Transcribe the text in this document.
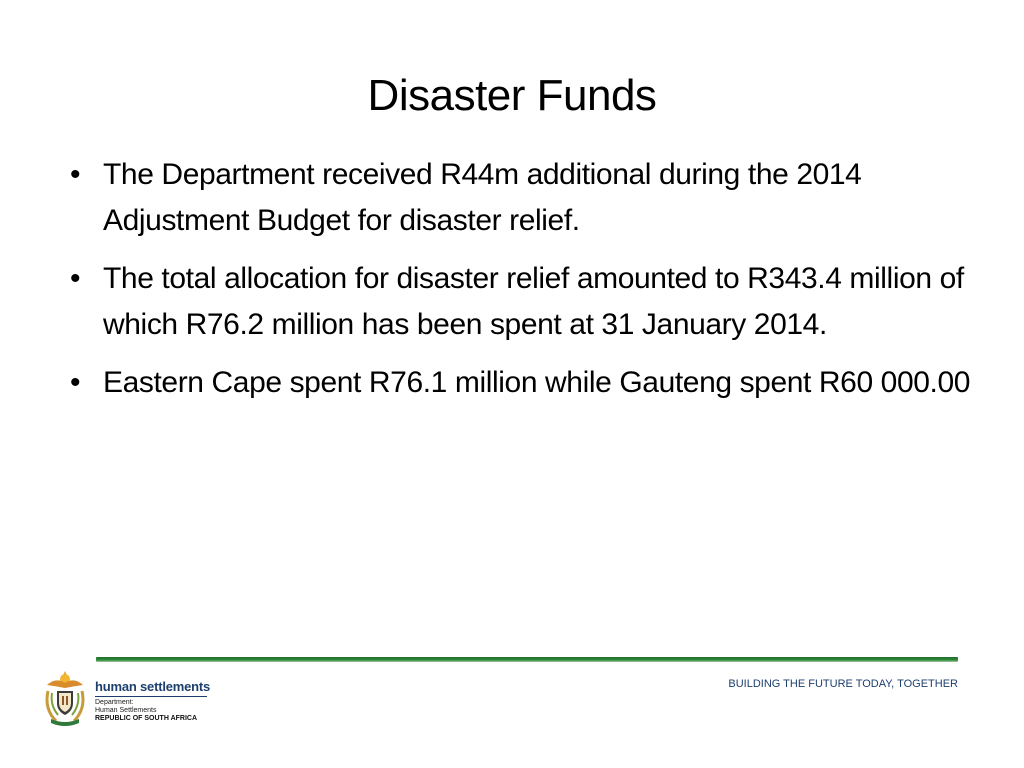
Disaster Funds
• The Department received R44m additional during the 2014 Adjustment Budget for disaster relief.
• The total allocation for disaster relief amounted to R343.4 million of which R76.2 million has been spent at 31 January 2014.
• Eastern Cape spent R76.1 million while Gauteng spent R60 000.00
human settlements
Department:
Human Settlements
REPUBLIC OF SOUTH AFRICA
BUILDING THE FUTURE TODAY, TOGETHER
